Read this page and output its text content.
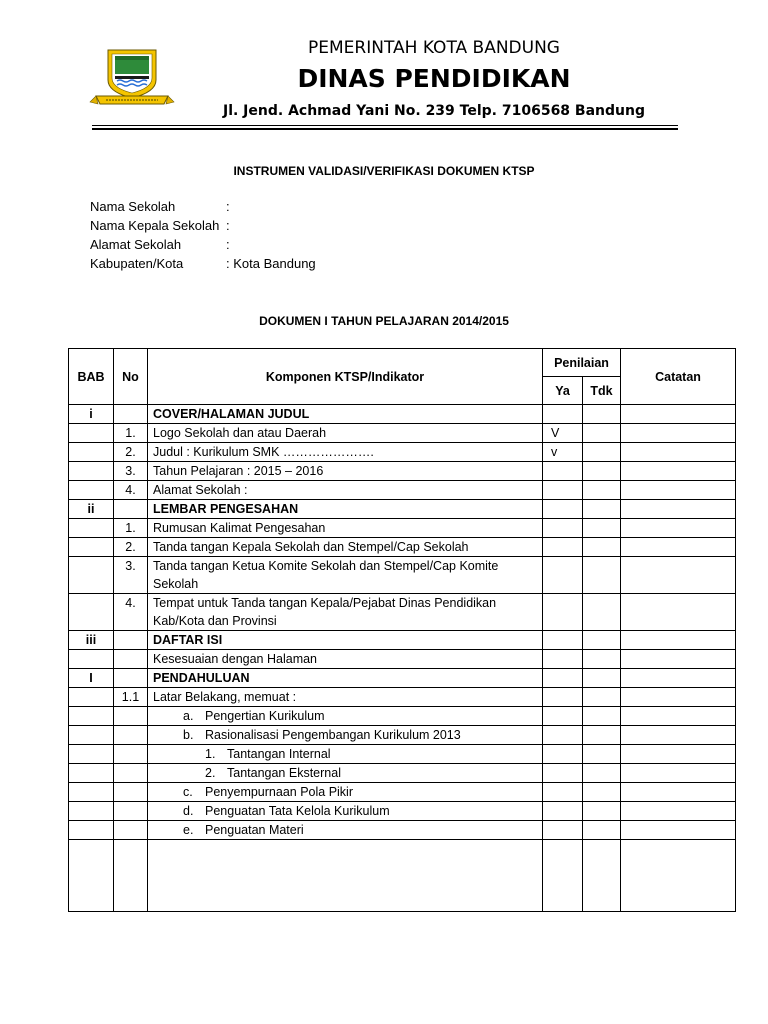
PEMERINTAH KOTA BANDUNG
DINAS PENDIDIKAN
Jl. Jend. Achmad Yani No. 239 Telp. 7106568 Bandung
INSTRUMEN VALIDASI/VERIFIKASI DOKUMEN KTSP
Nama Sekolah	:

Nama Kepala Sekolah :

Alamat Sekolah	:

Kabupaten/Kota	:
Kota Bandung
DOKUMEN I TAHUN PELAJARAN 2014/2015
BAB	No	Komponen KTSP/Indikator	Penilaian		Catatan
			Ya	Tdk	
i		COVER/HALAMAN JUDUL			
	1.	Logo Sekolah dan atau Daerah	V		
	2.	Judul : Kurikulum SMK ………………….	v		
	3.	Tahun Pelajaran : 2015 – 2016			
	4.	Alamat Sekolah :			
ii		LEMBAR PENGESAHAN			
	1.	Rumusan Kalimat Pengesahan			
	2.	Tanda tangan Kepala Sekolah dan Stempel/Cap Sekolah			
	3.	Tanda tangan Ketua Komite Sekolah dan Stempel/Cap Komite Sekolah			
	4.	Tempat untuk Tanda tangan Kepala/Pejabat Dinas Pendidikan Kab/Kota dan Provinsi			
iii		DAFTAR ISI			
		Kesesuaian dengan Halaman			
I		PENDAHULUAN			
	1.1	Latar Belakang, memuat :			

		a. Pengertian Kurikulum			

		b. Rasionalisasi Pengembangan Kurikulum 2013			

		1. Tantangan Internal			

		2. Tantangan Eksternal			

		c. Penyempurnaan Pola Pikir			

		d. Penguatan Tata Kelola Kurikulum			

		e. Penguatan Materi			
